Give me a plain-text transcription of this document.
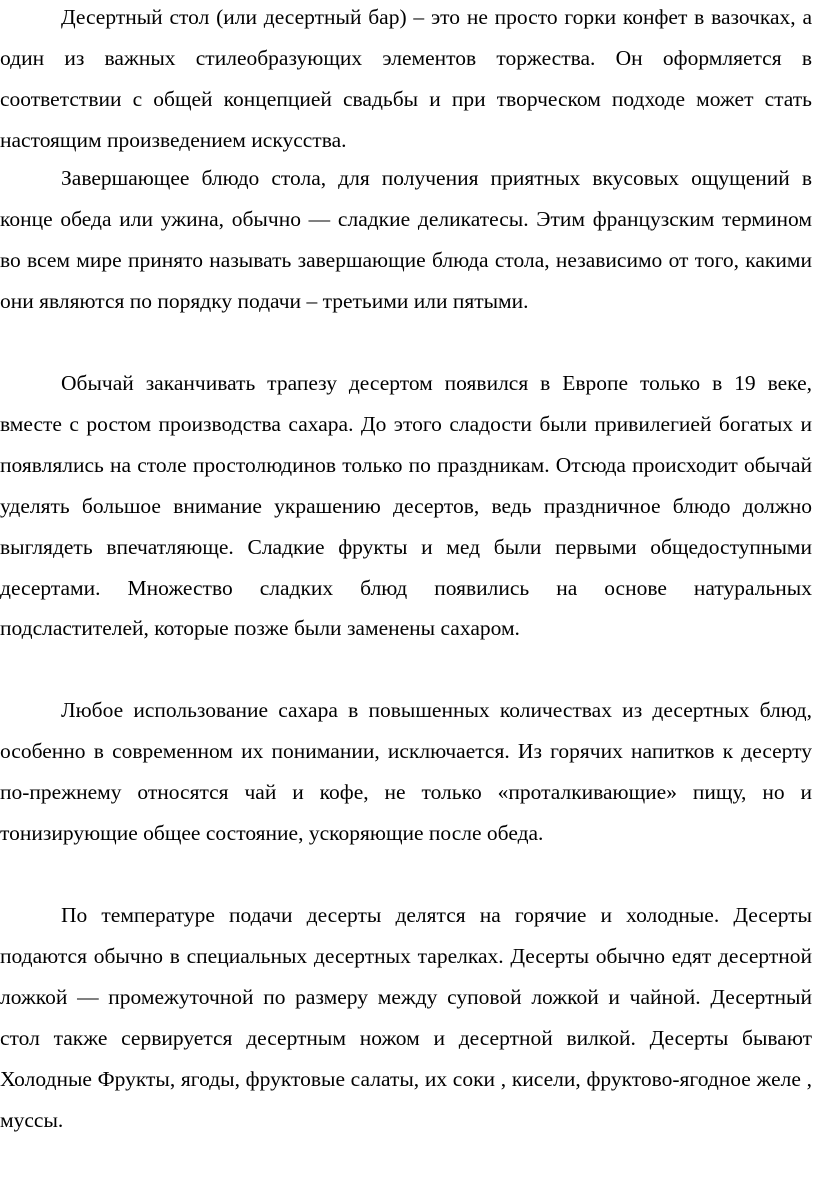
Десертный стол (или десертный бар) – это не просто горки конфет в вазочках, а один из важных стилеобразующих элементов торжества. Он оформляется в соответствии с общей концепцией свадьбы и при творческом подходе может стать настоящим произведением искусства.

Завершающее блюдо стола, для получения приятных вкусовых ощущений в конце обеда или ужина, обычно — сладкие деликатесы. Этим французским термином во всем мире принято называть завершающие блюда стола, независимо от того, какими они являются по порядку подачи – третьими или пятыми.

Обычай заканчивать трапезу десертом появился в Европе только в 19 веке, вместе с ростом производства сахара. До этого сладости были привилегией богатых и появлялись на столе простолюдинов только по праздникам. Отсюда происходит обычай уделять большое внимание украшению десертов, ведь праздничное блюдо должно выглядеть впечатляюще. Сладкие фрукты и мед были первыми общедоступными десертами. Множество сладких блюд появились на основе натуральных подсластителей, которые позже были заменены сахаром.

Любое использование сахара в повышенных количествах из десертных блюд, особенно в современном их понимании, исключается. Из горячих напитков к десерту по-прежнему относятся чай и кофе, не только «проталкивающие» пищу, но и тонизирующие общее состояние, ускоряющие после обеда.

По температуре подачи десерты делятся на горячие и холодные. Десерты подаются обычно в специальных десертных тарелках. Десерты обычно едят десертной ложкой — промежуточной по размеру между суповой ложкой и чайной. Десертный стол также сервируется десертным ножом и десертной вилкой. Десерты бывают Холодные Фрукты, ягоды, фруктовые салаты, их соки , кисели, фруктово-ягодное желе , муссы.
